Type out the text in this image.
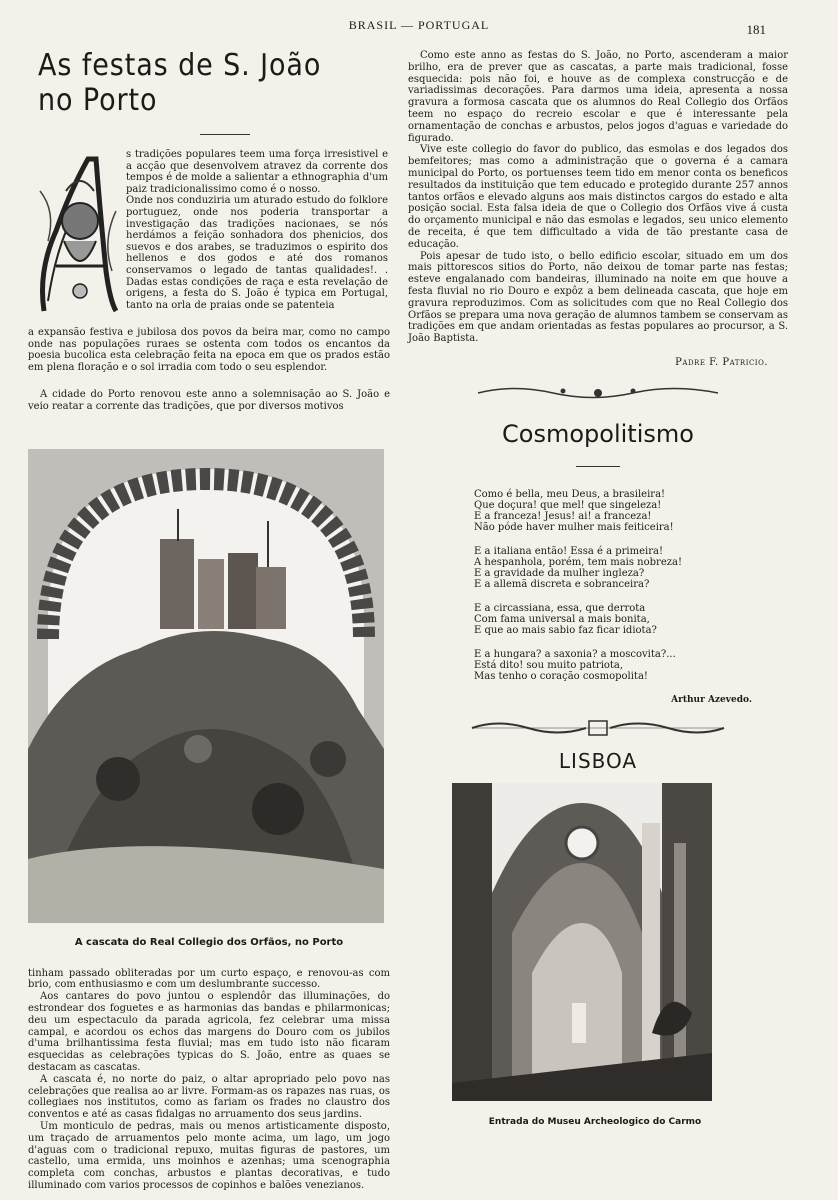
BRASIL — PORTUGAL	181
As festas de S. João no Porto
s tradições populares teem uma força irresistivel e a acção que desenvolvem atravez da corrente dos tempos é de molde a salientar a ethnographia d'um paiz tradicionalissimo como é o nosso.
Onde nos conduziria um aturado estudo do folklore portuguez, onde nos poderia transportar a investigação das tradições nacionaes, se nós herdámos a feição sonhadora dos phenicios, dos suevos e dos arabes, se traduzimos o espirito dos hellenos e dos godos e até dos romanos conservamos o legado de tantas qualidades!. . Dadas estas condições de raça e esta revelação de origens, a festa do S. João é typica em Portugal, tanto na orla de praias onde se patenteia
a expansão festiva e jubilosa dos povos da beira mar, como no campo onde nas populações ruraes se ostenta com todos os encantos da poesia bucolica esta celebração feita na epoca em que os prados estão em plena floração e o sol irradia com todo o seu esplendor.

A cidade do Porto renovou este anno a solemnisação ao S. João e veio reatar a corrente das tradições, que por diversos motivos

A cascata do Real Collegio dos Orfãos, no Porto

tinham passado obliteradas por um curto espaço, e renovou-as com brio, com enthusiasmo e com um deslumbrante successo.

Aos cantares do povo juntou o esplendôr das illuminações, do estrondear dos foguetes e as harmonias das bandas e philarmonicas; deu um espectaculo da parada agricola, fez celebrar uma missa campal, e acordou os echos das margens do Douro com os jubilos d'uma brilhantissima festa fluvial; mas em tudo isto não ficaram esquecidas as celebrações typicas do S. João, entre as quaes se destacam as cascatas.

A cascata é, no norte do paiz, o altar apropriado pelo povo nas celebrações que realisa ao ar livre. Formam-as os rapazes nas ruas, os collegiaes nos institutos, como as fariam os frades no claustro dos conventos e até as casas fidalgas no arruamento dos seus jardins.

Um monticulo de pedras, mais ou menos artisticamente disposto, um traçado de arruamentos pelo monte acima, um lago, um jogo d'aguas com o tradicional repuxo, muitas figuras de pastores, um castello, uma ermida, uns moinhos e azenhas; uma scenographia completa com conchas, arbustos e plantas decorativas, e tudo illuminado com varios processos de copinhos e balões venezianos.

Como este anno as festas do S. João, no Porto, ascenderam a maior brilho, era de prever que as cascatas, a parte mais tradicional, fosse esquecida: pois não foi, e houve as de complexa construcção e de variadissimas decorações. Para darmos uma ideia, apresenta a nossa gravura a formosa cascata que os alumnos do Real Collegio dos Orfãos teem no espaço do recreio escolar e que é interessante pela ornamentação de conchas e arbustos, pelos jogos d'aguas e variedade do figurado.

Vive este collegio do favor do publico, das esmolas e dos legados dos bemfeitores; mas como a administração que o governa é a camara municipal do Porto, os portuenses teem tido em menor conta os beneficos resultados da instituição que tem educado e protegido durante 257 annos tantos orfãos e elevado alguns aos mais distinctos cargos do estado e alta posição social. Esta falsa ideia de que o Collegio dos Orfãos vive á custa do orçamento municipal e não das esmolas e legados, seu unico elemento de receita, é que tem difficultado a vida de tão prestante casa de educação.

Pois apesar de tudo isto, o bello edificio escolar, situado em um dos mais pittorescos sitios do Porto, não deixou de tomar parte nas festas; esteve engalanado com bandeiras, illuminado na noite em que houve a festa fluvial no rio Douro e expôz a bem delineada cascata, que hoje em gravura reproduzimos. Com as solicitudes com que no Real Collegio dos Orfãos se prepara uma nova geração de alumnos tambem se conservam as tradições em que andam orientadas as festas populares ao procursor, a S. João Baptista.

Padre F. Patricio.
Cosmopolitismo
Como é bella, meu Deus, a brasileira!
Que doçura! que mel! que singeleza!
E a franceza! Jesus! ai! a franceza!
Não póde haver mulher mais feiticeira!
E a italiana então! Essa é a primeira!
A hespanhola, porém, tem mais nobreza!
E a gravidade da mulher ingleza?
E a allemã discreta e sobranceira?
E a circassiana, essa, que derrota
Com fama universal a mais bonita,
E que ao mais sabio faz ficar idiota?
E a hungara? a saxonia? a moscovita?...
Está dito! sou muito patriota,
Mas tenho o coração cosmopolita!
Arthur Azevedo.
LISBOA
Entrada do Museu Archeologico do Carmo
